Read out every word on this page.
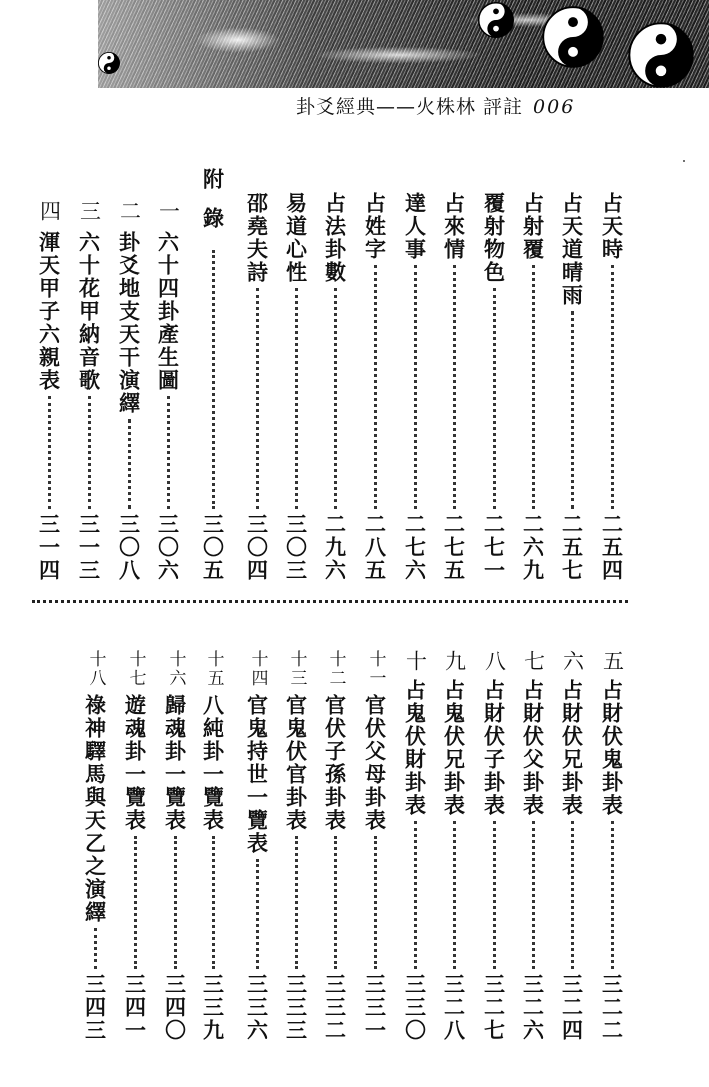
卦爻經典——火株林 評註 006
占天時
二五四
占天道晴雨
二五七
占射覆
二六九
覆射物色
二七一
占來情
二七五
達人事
二七六
占姓字
二八五
占法卦數
二九六
易道心性
三〇三
邵堯夫詩
三〇四
附錄
三〇五
一
六十四卦產生圖
三〇六
二
卦爻地支天干演繹
三〇八
三
六十花甲納音歌
三一三
四
渾天甲子六親表
三一四
五
占財伏鬼卦表
三二二
六
占財伏兄卦表
三二四
七
占財伏父卦表
三二六
八
占財伏子卦表
三二七
九
占鬼伏兄卦表
三二八
十
占鬼伏財卦表
三三〇
十一
官伏父母卦表
三三一
十二
官伏子孫卦表
三三二
十三
官鬼伏官卦表
三三三
十四
官鬼持世一覽表
三三六
十五
八純卦一覽表
三三九
十六
歸魂卦一覽表
三四〇
十七
遊魂卦一覽表
三四一
十八
祿神驛馬與天乙之演繹
三四三
